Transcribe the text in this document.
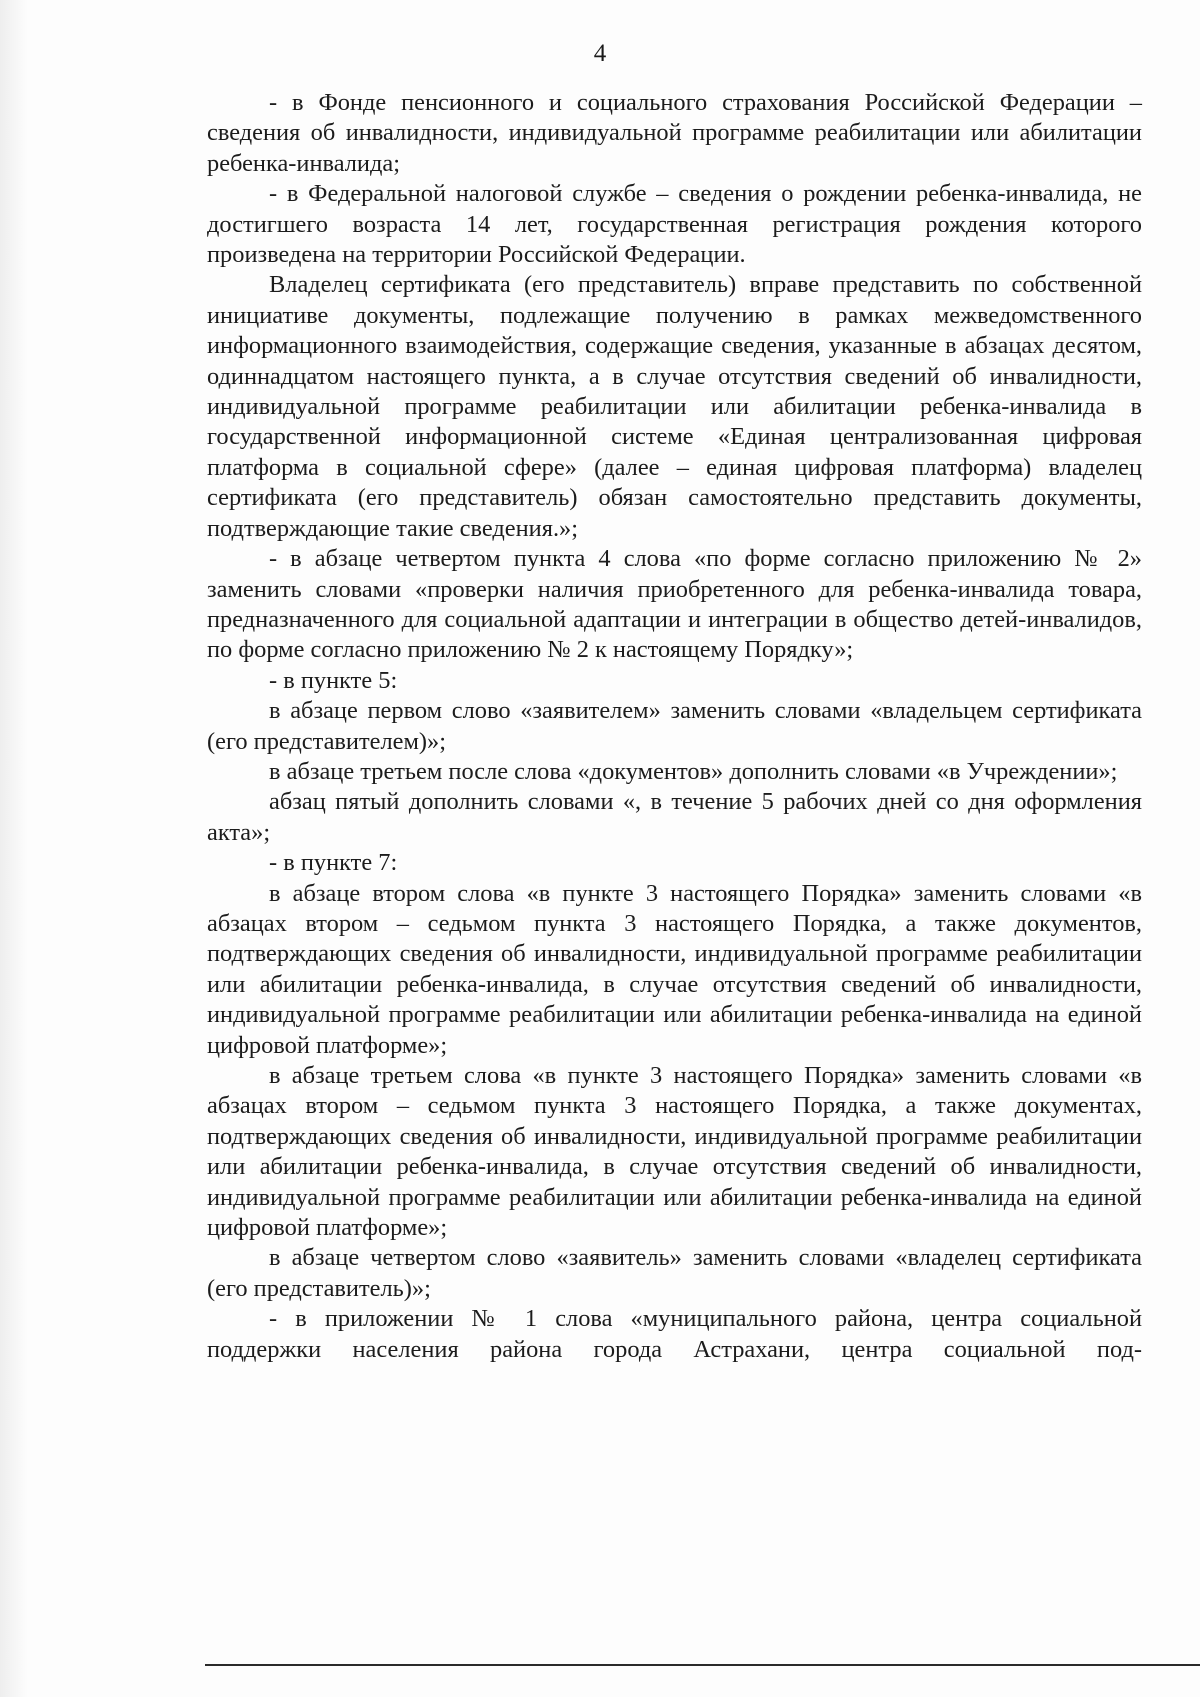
4

- в Фонде пенсионного и социального страхования Российской Федерации – сведения об инвалидности, индивидуальной программе реабилитации или абилитации ребенка-инвалида;

- в Федеральной налоговой службе – сведения о рождении ребенка-инвалида, не достигшего возраста 14 лет, государственная регистрация рождения которого произведена на территории Российской Федерации.

Владелец сертификата (его представитель) вправе представить по собственной инициативе документы, подлежащие получению в рамках межведомственного информационного взаимодействия, содержащие сведения, указанные в абзацах десятом, одиннадцатом настоящего пункта, а в случае отсутствия сведений об инвалидности, индивидуальной программе реабилитации или абилитации ребенка-инвалида в государственной информационной системе «Единая централизованная цифровая платформа в социальной сфере» (далее – единая цифровая платформа) владелец сертификата (его представитель) обязан самостоятельно представить документы, подтверждающие такие сведения.»;

- в абзаце четвертом пункта 4 слова «по форме согласно приложению № 2» заменить словами «проверки наличия приобретенного для ребенка-инвалида товара, предназначенного для социальной адаптации и интеграции в общество детей-инвалидов, по форме согласно приложению № 2 к настоящему Порядку»;

- в пункте 5:

в абзаце первом слово «заявителем» заменить словами «владельцем сертификата (его представителем)»;

в абзаце третьем после слова «документов» дополнить словами «в Учреждении»;

абзац пятый дополнить словами «, в течение 5 рабочих дней со дня оформления акта»;

- в пункте 7:

в абзаце втором слова «в пункте 3 настоящего Порядка» заменить словами «в абзацах втором – седьмом пункта 3 настоящего Порядка, а также документов, подтверждающих сведения об инвалидности, индивидуальной программе реабилитации или абилитации ребенка-инвалида, в случае отсутствия сведений об инвалидности, индивидуальной программе реабилитации или абилитации ребенка-инвалида на единой цифровой платформе»;

в абзаце третьем слова «в пункте 3 настоящего Порядка» заменить словами «в абзацах втором – седьмом пункта 3 настоящего Порядка, а также документах, подтверждающих сведения об инвалидности, индивидуальной программе реабилитации или абилитации ребенка-инвалида, в случае отсутствия сведений об инвалидности, индивидуальной программе реабилитации или абилитации ребенка-инвалида на единой цифровой платформе»;

в абзаце четвертом слово «заявитель» заменить словами «владелец сертификата (его представитель)»;

- в приложении № 1 слова «муниципального района, центра социальной поддержки населения района города Астрахани, центра социальной под-
